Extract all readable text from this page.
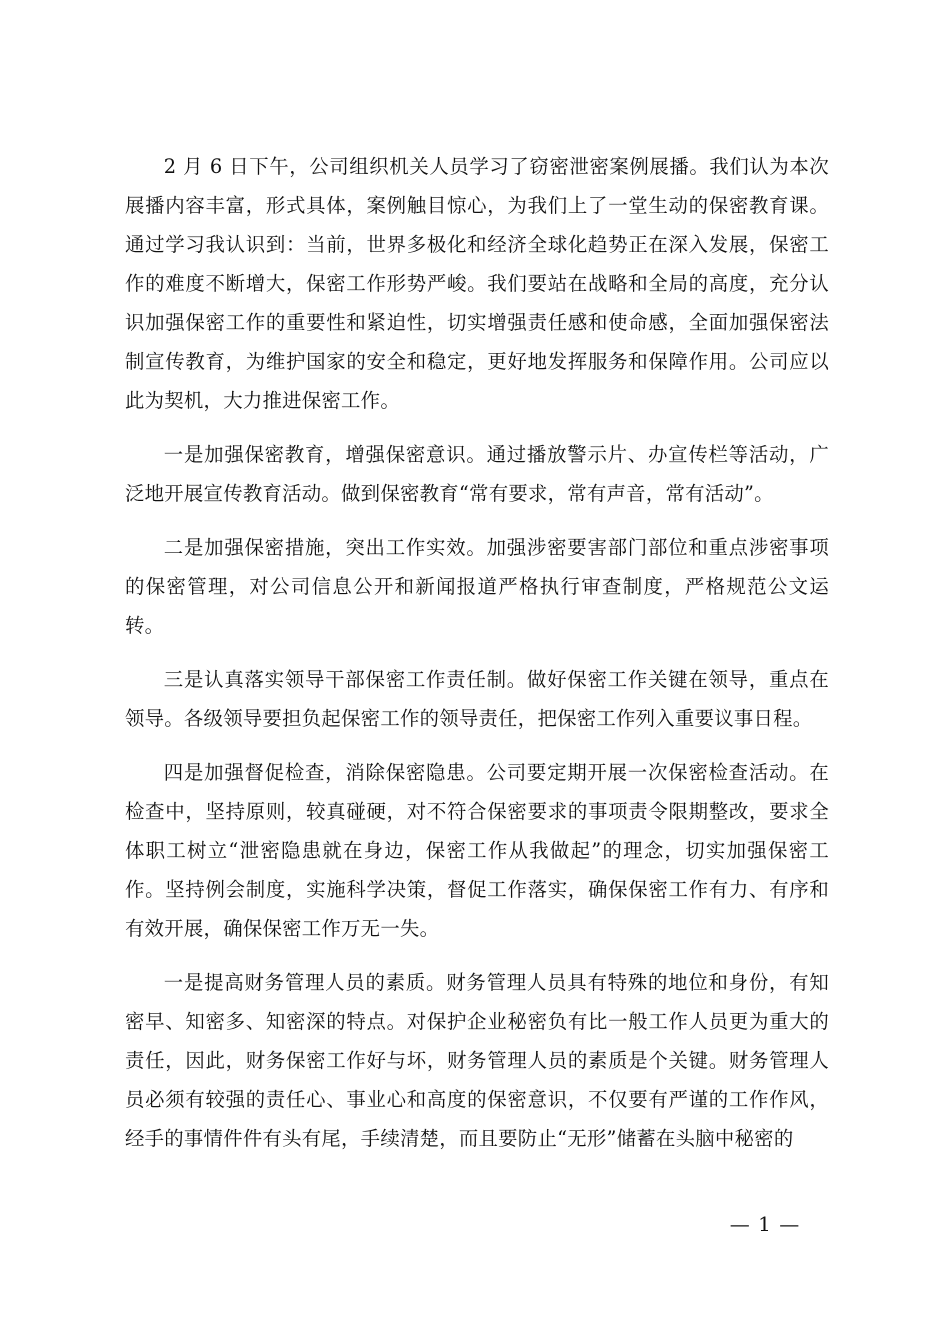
2 月 6 日下午，公司组织机关人员学习了窃密泄密案例展播。我们认为本次展播内容丰富，形式具体，案例触目惊心，为我们上了一堂生动的保密教育课。通过学习我认识到：当前，世界多极化和经济全球化趋势正在深入发展，保密工作的难度不断增大，保密工作形势严峻。我们要站在战略和全局的高度，充分认识加强保密工作的重要性和紧迫性，切实增强责任感和使命感，全面加强保密法制宣传教育，为维护国家的安全和稳定，更好地发挥服务和保障作用。公司应以此为契机，大力推进保密工作。

一是加强保密教育，增强保密意识。通过播放警示片、办宣传栏等活动，广泛地开展宣传教育活动。做到保密教育“常有要求，常有声音，常有活动”。

二是加强保密措施，突出工作实效。加强涉密要害部门部位和重点涉密事项的保密管理，对公司信息公开和新闻报道严格执行审查制度，严格规范公文运转。

三是认真落实领导干部保密工作责任制。做好保密工作关键在领导，重点在领导。各级领导要担负起保密工作的领导责任，把保密工作列入重要议事日程。

四是加强督促检查，消除保密隐患。公司要定期开展一次保密检查活动。在检查中，坚持原则，较真碰硬，对不符合保密要求的事项责令限期整改，要求全体职工树立“泄密隐患就在身边，保密工作从我做起”的理念，切实加强保密工作。坚持例会制度，实施科学决策，督促工作落实，确保保密工作有力、有序和有效开展，确保保密工作万无一失。

一是提高财务管理人员的素质。财务管理人员具有特殊的地位和身份，有知密早、知密多、知密深的特点。对保护企业秘密负有比一般工作人员更为重大的责任，因此，财务保密工作好与坏，财务管理人员的素质是个关键。财务管理人员必须有较强的责任心、事业心和高度的保密意识，不仅要有严谨的工作作风，经手的事情件件有头有尾，手续清楚，而且要防止“无形”储蓄在头脑中秘密的

— 1 —
